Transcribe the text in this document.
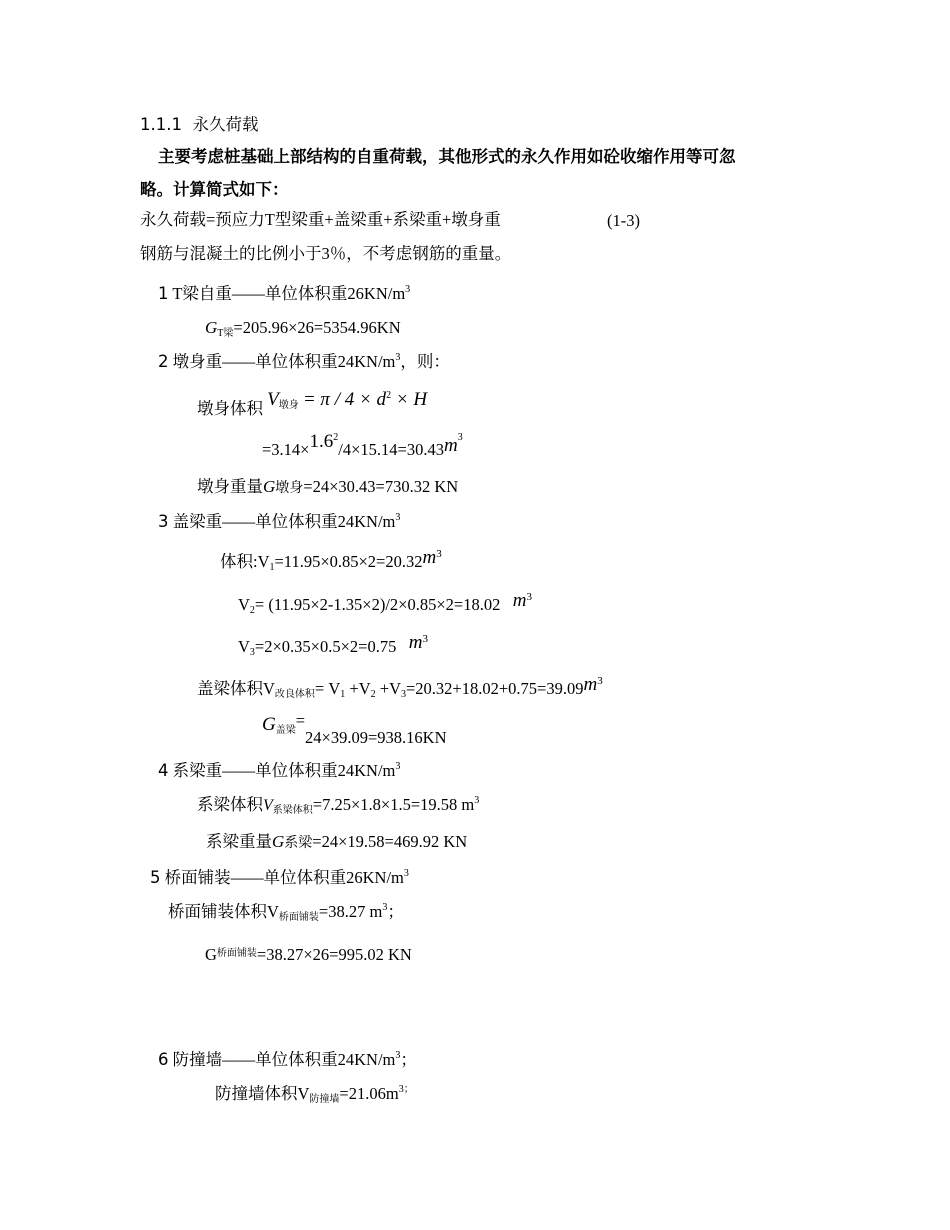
1.1.1 永久荷载
主要考虑桩基础上部结构的自重荷载，其他形式的永久作用如砼收缩作用等可忽
略。计算简式如下：
永久荷载=预应力T型梁重+盖梁重+系梁重+墩身重	(1-3)
钢筋与混凝土的比例小于3％，不考虑钢筋的重量。
1 T梁自重——单位体积重$26KN/m^3$
$G_{T梁}=205.96\times 26=5354.96KN$
2 墩身重——单位体积重$24KN/m^3$，则：
墩身体积 $V_{墩身} = \pi / 4 \times d^2 \times H$
$=3.14\times 1.6^2/4\times 15.14=30.43m^3$
墩身重量G墩身=24×30.43=730.32 KN
3 盖梁重——单位体积重$24KN/m^3$
体积$:V_1=11.95\times 0.85\times 2=20.32m^3$
$V_2= (11.95\times 2-1.35\times 2)/2\times 0.85\times 2=18.02$ $m^3$
$V_3=2\times 0.35\times 0.5\times 2=0.75$ $m^3$
盖梁体积$V_{改良体积}= V_1 +V_2 +V_3=20.32+18.02+0.75=39.09m^3$
$G_{盖梁}=24\times 39.09=938.16KN$
4 系梁重——单位体积重$24KN/m^3$
系梁体积$V_{系梁体积}=7.25\times 1.8\times 1.5=19.58$ $m^3$
系梁重量G系梁=24×19.58=469.92 KN
5 桥面铺装——单位体积重$26KN/m^3$
桥面铺装体积$V_{桥面铺装}=38.27$ $m^3$；
$G^{桥面铺装}=38.27\times 26=995.02$ KN
6 防撞墙——单位体积重$24KN/m^3$；
防撞墙体积$V_{防撞墙}=21.06m^{3;}$
